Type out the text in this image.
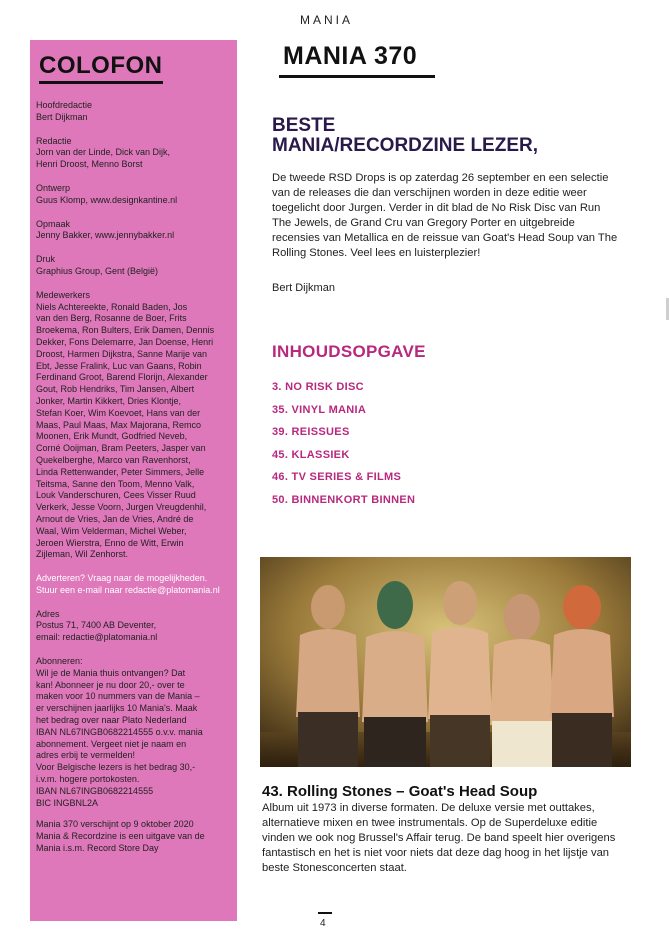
MANIA
MANIA 370
COLOFON
Hoofdredactie
Bert Dijkman
Redactie
Jorn van der Linde, Dick van Dijk,
Henri Droost, Menno Borst
Ontwerp
Guus Klomp, www.designkantine.nl
Opmaak
Jenny Bakker, www.jennybakker.nl
Druk
Graphius Group, Gent (België)
Medewerkers
Niels Achtereekte, Ronald Baden, Jos
van den Berg, Rosanne de Boer, Frits
Broekema, Ron Bulters, Erik Damen, Dennis
Dekker, Fons Delemarre, Jan Doense, Henri
Droost, Harmen Dijkstra, Sanne Marije van
Ebt, Jesse Fralink, Luc van Gaans, Robin
Ferdinand Groot, Barend Florijn, Alexander
Gout, Rob Hendriks, Tim Jansen, Albert
Jonker, Martin Kikkert, Dries Klontje,
Stefan Koer, Wim Koevoet, Hans van der
Maas, Paul Maas, Max Majorana, Remco
Moonen, Erik Mundt, Godfried Neveb,
Corné Ooijman, Bram Peeters, Jasper van
Quekelberghe, Marco van Ravenhorst,
Linda Rettenwander, Peter Simmers, Jelle
Teitsma, Sanne den Toom, Menno Valk,
Louk Vanderschuren, Cees Visser Ruud
Verkerk, Jesse Voorn, Jurgen Vreugdenhil,
Arnout de Vries, Jan de Vries, André de
Waal, Wim Velderman, Michel Weber,
Jeroen Wierstra, Enno de Witt, Erwin
Zijleman, Wil Zenhorst.
Adverteren? Vraag naar de mogelijkheden.
Stuur een e-mail naar redactie@platomania.nl
Adres
Postus 71, 7400 AB Deventer,
email: redactie@platomania.nl
Abonneren:
Wil je de Mania thuis ontvangen? Dat
kan! Abonneer je nu door 20,- over te
maken voor 10 nummers van de Mania –
er verschijnen jaarlijks 10 Mania's. Maak
het bedrag over naar Plato Nederland
IBAN NL67INGB0682214555 o.v.v. mania
abonnement. Vergeet niet je naam en
adres erbij te vermelden!
Voor Belgische lezers is het bedrag 30,-
i.v.m. hogere portokosten.
IBAN NL67INGB0682214555
BIC INGBNL2A
Mania 370 verschijnt op 9 oktober 2020
Mania & Recordzine is een uitgave van de
Mania i.s.m. Record Store Day
BESTE
MANIA/RECORDZINE LEZER,

De tweede RSD Drops is op zaterdag 26 september en een selectie van de releases die dan verschijnen worden in deze editie weer toegelicht door Jurgen. Verder in dit blad de No Risk Disc van Run The Jewels, de Grand Cru van Gregory Porter en uitgebreide recensies van Metallica en de reissue van Goat's Head Soup van The Rolling Stones. Veel lees en luisterplezier!

Bert Dijkman

INHOUDSOPGAVE
3. NO RISK DISC
35. VINYL MANIA
39. REISSUES
45. KLASSIEK
46. TV SERIES & FILMS
50. BINNENKORT BINNEN
43. Rolling Stones – Goat's Head Soup

Album uit 1973 in diverse formaten. De deluxe versie met outtakes, alternatieve mixen en twee instrumentals. Op de Superdeluxe editie vinden we ook nog Brussel's Affair terug. De band speelt hier overigens fantastisch en het is niet voor niets dat deze dag hoog in het lijstje van beste Stonesconcerten staat.

4
